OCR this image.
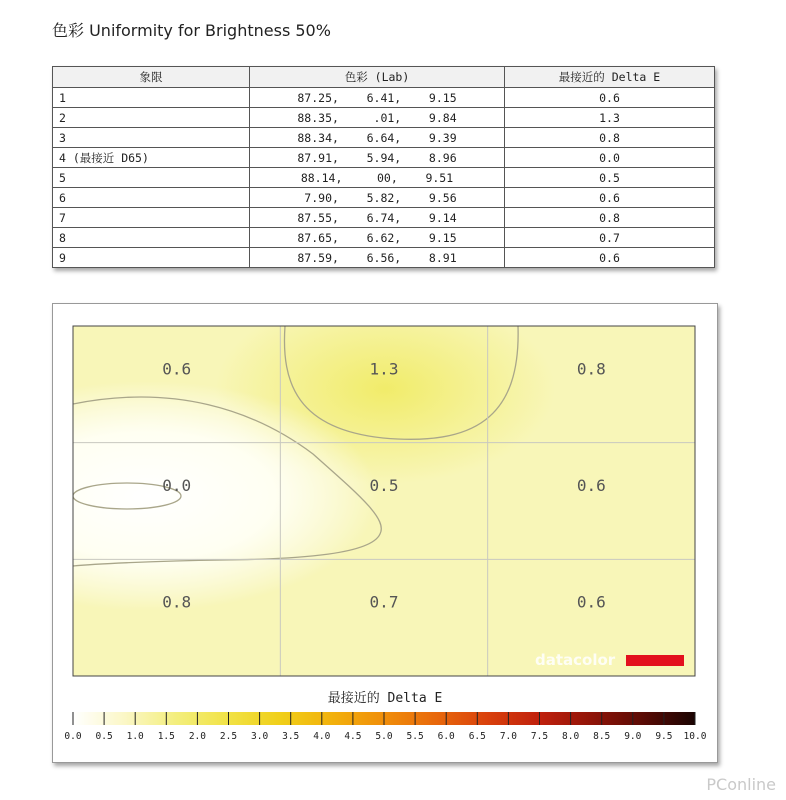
色彩 Uniformity for Brightness 50%
象限	色彩 (Lab)	最接近的 Delta E
1	87.25,    6.41,    9.15	0.6
2	88.35,     .01,    9.84	1.3
3	88.34,    6.64,    9.39	0.8
4 (最接近 D65)	87.91,    5.94,    8.96	0.0
5	88.14,     00,    9.51	0.5
6	7.90,    5.82,    9.56	0.6
7	87.55,    6.74,    9.14	0.8
8	87.65,    6.62,    9.15	0.7
9	87.59,    6.56,    8.91	0.6
0.6	1.3	0.8
0.0	0.5	0.6
0.8	0.7	0.6
datacolor
最接近的 Delta E
0.0 0.5 1.0 1.5 2.0 2.5 3.0 3.5 4.0 4.5 5.0 5.5 6.0 6.5 7.0 7.5 8.0 8.5 9.0 9.5 10.0
PConline
